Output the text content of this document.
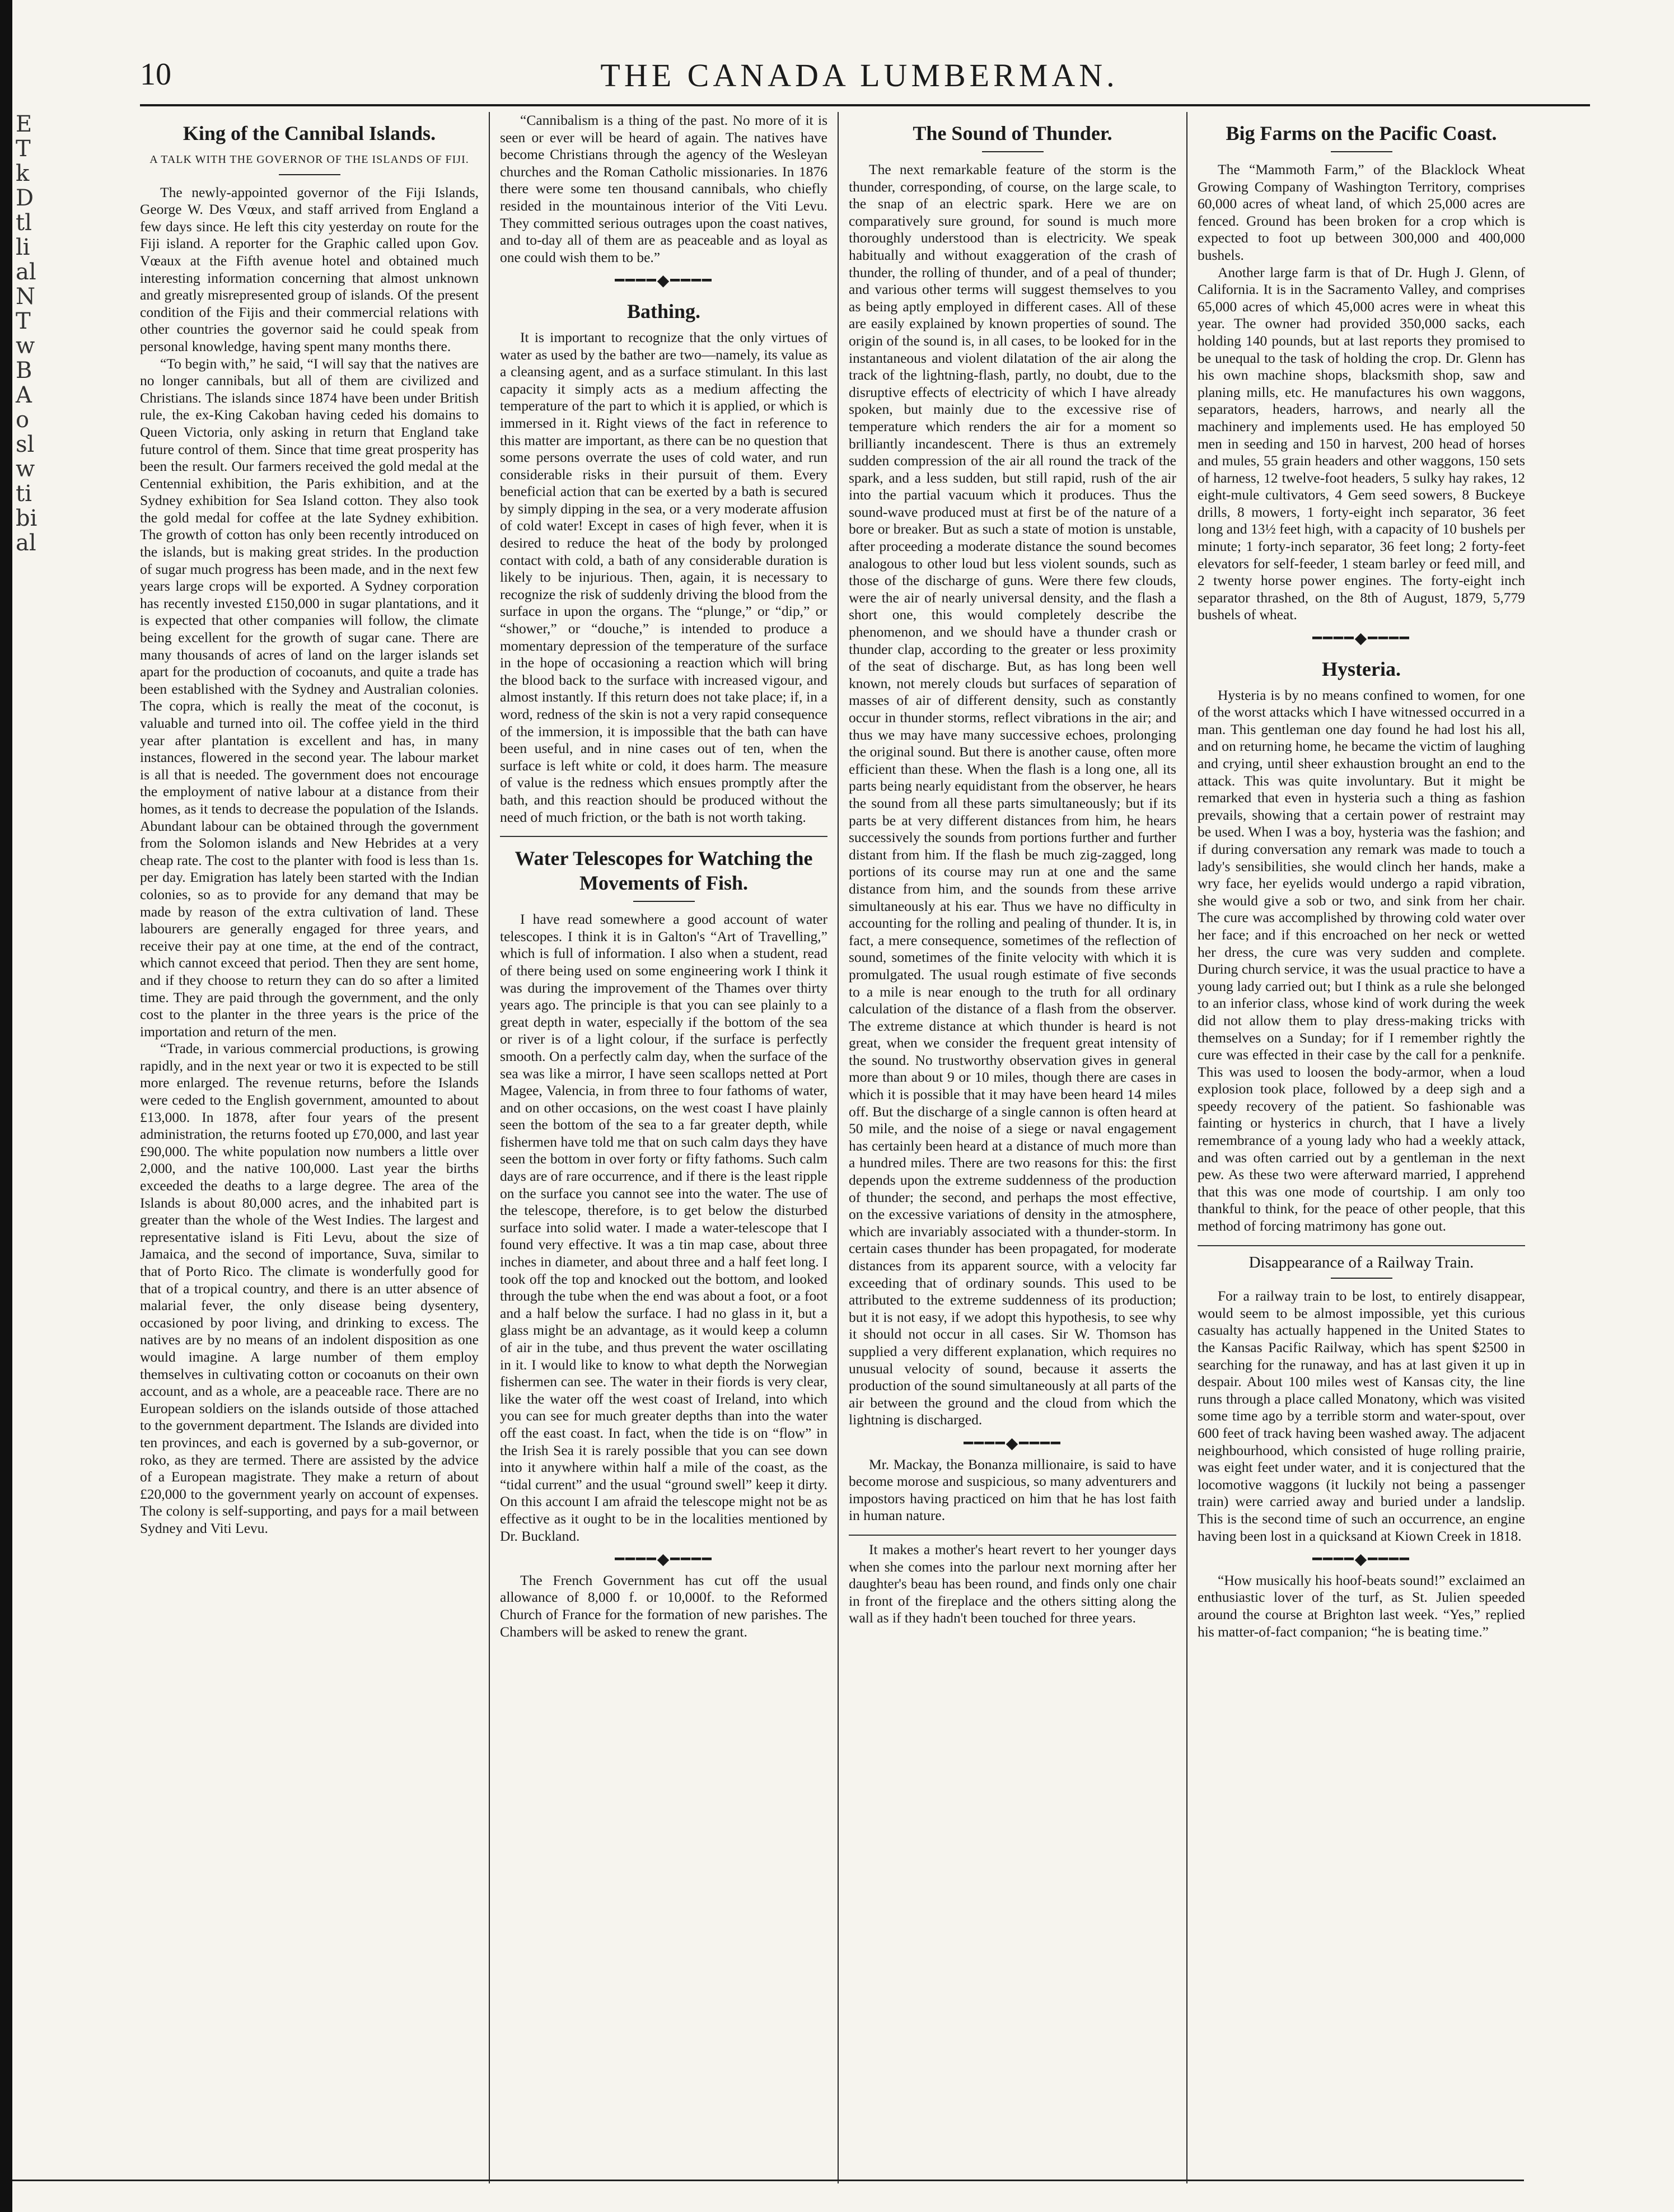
E
T
k
D
tl
li
al
N
T
w
B
A
o
sl
w
ti
bi
al
10	THE CANADA LUMBERMAN.
King of the Cannibal Islands.
A TALK WITH THE GOVERNOR OF THE ISLANDS OF FIJI.

The newly-appointed governor of the Fiji Islands, George W. Des Vœux, and staff arrived from England a few days since. He left this city yesterday on route for the Fiji island. A reporter for the Graphic called upon Gov. Vœaux at the Fifth avenue hotel and obtained much interesting information concerning that almost unknown and greatly misrepresented group of islands. Of the present condition of the Fijis and their commercial relations with other countries the governor said he could speak from personal knowledge, having spent many months there.

“To begin with,” he said, “I will say that the natives are no longer cannibals, but all of them are civilized and Christians. The islands since 1874 have been under British rule, the ex-King Cakoban having ceded his domains to Queen Victoria, only asking in return that England take future control of them. Since that time great prosperity has been the result. Our farmers received the gold medal at the Centennial exhibition, the Paris exhibition, and at the Sydney exhibition for Sea Island cotton. They also took the gold medal for coffee at the late Sydney exhibition. The growth of cotton has only been recently introduced on the islands, but is making great strides. In the production of sugar much progress has been made, and in the next few years large crops will be exported. A Sydney corporation has recently invested £150,000 in sugar plantations, and it is expected that other companies will follow, the climate being excellent for the growth of sugar cane. There are many thousands of acres of land on the larger islands set apart for the production of cocoanuts, and quite a trade has been established with the Sydney and Australian colonies. The copra, which is really the meat of the coconut, is valuable and turned into oil. The coffee yield in the third year after plantation is excellent and has, in many instances, flowered in the second year. The labour market is all that is needed. The government does not encourage the employment of native labour at a distance from their homes, as it tends to decrease the population of the Islands. Abundant labour can be obtained through the government from the Solomon islands and New Hebrides at a very cheap rate. The cost to the planter with food is less than 1s. per day. Emigration has lately been started with the Indian colonies, so as to provide for any demand that may be made by reason of the extra cultivation of land. These labourers are generally engaged for three years, and receive their pay at one time, at the end of the contract, which cannot exceed that period. Then they are sent home, and if they choose to return they can do so after a limited time. They are paid through the government, and the only cost to the planter in the three years is the price of the importation and return of the men.

“Trade, in various commercial productions, is growing rapidly, and in the next year or two it is expected to be still more enlarged. The revenue returns, before the Islands were ceded to the English government, amounted to about £13,000. In 1878, after four years of the present administration, the returns footed up £70,000, and last year £90,000. The white population now numbers a little over 2,000, and the native 100,000. Last year the births exceeded the deaths to a large degree. The area of the Islands is about 80,000 acres, and the inhabited part is greater than the whole of the West Indies. The largest and representative island is Fiti Levu, about the size of Jamaica, and the second of importance, Suva, similar to that of Porto Rico. The climate is wonderfully good for that of a tropical country, and there is an utter absence of malarial fever, the only disease being dysentery, occasioned by poor living, and drinking to excess. The natives are by no means of an indolent disposition as one would imagine. A large number of them employ themselves in cultivating cotton or cocoanuts on their own account, and as a whole, are a peaceable race. There are no European soldiers on the islands outside of those attached to the government department. The Islands are divided into ten provinces, and each is governed by a sub-governor, or roko, as they are termed. There are assisted by the advice of a European magistrate. They make a return of about £20,000 to the government yearly on account of expenses. The colony is self-supporting, and pays for a mail between Sydney and Viti Levu.

“Cannibalism is a thing of the past. No more of it is seen or ever will be heard of again. The natives have become Christians through the agency of the Wesleyan churches and the Roman Catholic missionaries. In 1876 there were some ten thousand cannibals, who chiefly resided in the mountainous interior of the Viti Levu. They committed serious outrages upon the coast natives, and to-day all of them are as peaceable and as loyal as one could wish them to be.”

━━━━◆━━━━
Bathing.

It is important to recognize that the only virtues of water as used by the bather are two—namely, its value as a cleansing agent, and as a surface stimulant. In this last capacity it simply acts as a medium affecting the temperature of the part to which it is applied, or which is immersed in it. Right views of the fact in reference to this matter are important, as there can be no question that some persons overrate the uses of cold water, and run considerable risks in their pursuit of them. Every beneficial action that can be exerted by a bath is secured by simply dipping in the sea, or a very moderate affusion of cold water! Except in cases of high fever, when it is desired to reduce the heat of the body by prolonged contact with cold, a bath of any considerable duration is likely to be injurious. Then, again, it is necessary to recognize the risk of suddenly driving the blood from the surface in upon the organs. The “plunge,” or “dip,” or “shower,” or “douche,” is intended to produce a momentary depression of the temperature of the surface in the hope of occasioning a reaction which will bring the blood back to the surface with increased vigour, and almost instantly. If this return does not take place; if, in a word, redness of the skin is not a very rapid consequence of the immersion, it is impossible that the bath can have been useful, and in nine cases out of ten, when the surface is left white or cold, it does harm. The measure of value is the redness which ensues promptly after the bath, and this reaction should be produced without the need of much friction, or the bath is not worth taking.

Water Telescopes for Watching the Movements of Fish.

I have read somewhere a good account of water telescopes. I think it is in Galton's “Art of Travelling,” which is full of information. I also when a student, read of there being used on some engineering work I think it was during the improvement of the Thames over thirty years ago. The principle is that you can see plainly to a great depth in water, especially if the bottom of the sea or river is of a light colour, if the surface is perfectly smooth. On a perfectly calm day, when the surface of the sea was like a mirror, I have seen scallops netted at Port Magee, Valencia, in from three to four fathoms of water, and on other occasions, on the west coast I have plainly seen the bottom of the sea to a far greater depth, while fishermen have told me that on such calm days they have seen the bottom in over forty or fifty fathoms. Such calm days are of rare occurrence, and if there is the least ripple on the surface you cannot see into the water. The use of the telescope, therefore, is to get below the disturbed surface into solid water. I made a water-telescope that I found very effective. It was a tin map case, about three inches in diameter, and about three and a half feet long. I took off the top and knocked out the bottom, and looked through the tube when the end was about a foot, or a foot and a half below the surface. I had no glass in it, but a glass might be an advantage, as it would keep a column of air in the tube, and thus prevent the water oscillating in it. I would like to know to what depth the Norwegian fishermen can see. The water in their fiords is very clear, like the water off the west coast of Ireland, into which you can see for much greater depths than into the water off the east coast. In fact, when the tide is on “flow” in the Irish Sea it is rarely possible that you can see down into it anywhere within half a mile of the coast, as the “tidal current” and the usual “ground swell” keep it dirty. On this account I am afraid the telescope might not be as effective as it ought to be in the localities mentioned by Dr. Buckland.

━━━━◆━━━━

The French Government has cut off the usual allowance of 8,000 f. or 10,000f. to the Reformed Church of France for the formation of new parishes. The Chambers will be asked to renew the grant.

The Sound of Thunder.

The next remarkable feature of the storm is the thunder, corresponding, of course, on the large scale, to the snap of an electric spark. Here we are on comparatively sure ground, for sound is much more thoroughly understood than is electricity. We speak habitually and without exaggeration of the crash of thunder, the rolling of thunder, and of a peal of thunder; and various other terms will suggest themselves to you as being aptly employed in different cases. All of these are easily explained by known properties of sound. The origin of the sound is, in all cases, to be looked for in the instantaneous and violent dilatation of the air along the track of the lightning-flash, partly, no doubt, due to the disruptive effects of electricity of which I have already spoken, but mainly due to the excessive rise of temperature which renders the air for a moment so brilliantly incandescent. There is thus an extremely sudden compression of the air all round the track of the spark, and a less sudden, but still rapid, rush of the air into the partial vacuum which it produces. Thus the sound-wave produced must at first be of the nature of a bore or breaker. But as such a state of motion is unstable, after proceeding a moderate distance the sound becomes analogous to other loud but less violent sounds, such as those of the discharge of guns. Were there few clouds, were the air of nearly universal density, and the flash a short one, this would completely describe the phenomenon, and we should have a thunder crash or thunder clap, according to the greater or less proximity of the seat of discharge. But, as has long been well known, not merely clouds but surfaces of separation of masses of air of different density, such as constantly occur in thunder storms, reflect vibrations in the air; and thus we may have many successive echoes, prolonging the original sound. But there is another cause, often more efficient than these. When the flash is a long one, all its parts being nearly equidistant from the observer, he hears the sound from all these parts simultaneously; but if its parts be at very different distances from him, he hears successively the sounds from portions further and further distant from him. If the flash be much zig-zagged, long portions of its course may run at one and the same distance from him, and the sounds from these arrive simultaneously at his ear. Thus we have no difficulty in accounting for the rolling and pealing of thunder. It is, in fact, a mere consequence, sometimes of the reflection of sound, sometimes of the finite velocity with which it is promulgated. The usual rough estimate of five seconds to a mile is near enough to the truth for all ordinary calculation of the distance of a flash from the observer. The extreme distance at which thunder is heard is not great, when we consider the frequent great intensity of the sound. No trustworthy observation gives in general more than about 9 or 10 miles, though there are cases in which it is possible that it may have been heard 14 miles off. But the discharge of a single cannon is often heard at 50 mile, and the noise of a siege or naval engagement has certainly been heard at a distance of much more than a hundred miles. There are two reasons for this: the first depends upon the extreme suddenness of the production of thunder; the second, and perhaps the most effective, on the excessive variations of density in the atmosphere, which are invariably associated with a thunder-storm. In certain cases thunder has been propagated, for moderate distances from its apparent source, with a velocity far exceeding that of ordinary sounds. This used to be attributed to the extreme suddenness of its production; but it is not easy, if we adopt this hypothesis, to see why it should not occur in all cases. Sir W. Thomson has supplied a very different explanation, which requires no unusual velocity of sound, because it asserts the production of the sound simultaneously at all parts of the air between the ground and the cloud from which the lightning is discharged.

━━━━◆━━━━

Mr. Mackay, the Bonanza millionaire, is said to have become morose and suspicious, so many adventurers and impostors having practiced on him that he has lost faith in human nature.

It makes a mother's heart revert to her younger days when she comes into the parlour next morning after her daughter's beau has been round, and finds only one chair in front of the fireplace and the others sitting along the wall as if they hadn't been touched for three years.

Big Farms on the Pacific Coast.

The “Mammoth Farm,” of the Blacklock Wheat Growing Company of Washington Territory, comprises 60,000 acres of wheat land, of which 25,000 acres are fenced. Ground has been broken for a crop which is expected to foot up between 300,000 and 400,000 bushels.

Another large farm is that of Dr. Hugh J. Glenn, of California. It is in the Sacramento Valley, and comprises 65,000 acres of which 45,000 acres were in wheat this year. The owner had provided 350,000 sacks, each holding 140 pounds, but at last reports they promised to be unequal to the task of holding the crop. Dr. Glenn has his own machine shops, blacksmith shop, saw and planing mills, etc. He manufactures his own waggons, separators, headers, harrows, and nearly all the machinery and implements used. He has employed 50 men in seeding and 150 in harvest, 200 head of horses and mules, 55 grain headers and other waggons, 150 sets of harness, 12 twelve-foot headers, 5 sulky hay rakes, 12 eight-mule cultivators, 4 Gem seed sowers, 8 Buckeye drills, 8 mowers, 1 forty-eight inch separator, 36 feet long and 13½ feet high, with a capacity of 10 bushels per minute; 1 forty-inch separator, 36 feet long; 2 forty-feet elevators for self-feeder, 1 steam barley or feed mill, and 2 twenty horse power engines. The forty-eight inch separator thrashed, on the 8th of August, 1879, 5,779 bushels of wheat.

━━━━◆━━━━
Hysteria.

Hysteria is by no means confined to women, for one of the worst attacks which I have witnessed occurred in a man. This gentleman one day found he had lost his all, and on returning home, he became the victim of laughing and crying, until sheer exhaustion brought an end to the attack. This was quite involuntary. But it might be remarked that even in hysteria such a thing as fashion prevails, showing that a certain power of restraint may be used. When I was a boy, hysteria was the fashion; and if during conversation any remark was made to touch a lady's sensibilities, she would clinch her hands, make a wry face, her eyelids would undergo a rapid vibration, she would give a sob or two, and sink from her chair. The cure was accomplished by throwing cold water over her face; and if this encroached on her neck or wetted her dress, the cure was very sudden and complete. During church service, it was the usual practice to have a young lady carried out; but I think as a rule she belonged to an inferior class, whose kind of work during the week did not allow them to play dress-making tricks with themselves on a Sunday; for if I remember rightly the cure was effected in their case by the call for a penknife. This was used to loosen the body-armor, when a loud explosion took place, followed by a deep sigh and a speedy recovery of the patient. So fashionable was fainting or hysterics in church, that I have a lively remembrance of a young lady who had a weekly attack, and was often carried out by a gentleman in the next pew. As these two were afterward married, I apprehend that this was one mode of courtship. I am only too thankful to think, for the peace of other people, that this method of forcing matrimony has gone out.

Disappearance of a Railway Train.

For a railway train to be lost, to entirely disappear, would seem to be almost impossible, yet this curious casualty has actually happened in the United States to the Kansas Pacific Railway, which has spent $2500 in searching for the runaway, and has at last given it up in despair. About 100 miles west of Kansas city, the line runs through a place called Monatony, which was visited some time ago by a terrible storm and water-spout, over 600 feet of track having been washed away. The adjacent neighbourhood, which consisted of huge rolling prairie, was eight feet under water, and it is conjectured that the locomotive waggons (it luckily not being a passenger train) were carried away and buried under a landslip. This is the second time of such an occurrence, an engine having been lost in a quicksand at Kiown Creek in 1818.

━━━━◆━━━━

“How musically his hoof-beats sound!” exclaimed an enthusiastic lover of the turf, as St. Julien speeded around the course at Brighton last week. “Yes,” replied his matter-of-fact companion; “he is beating time.”
